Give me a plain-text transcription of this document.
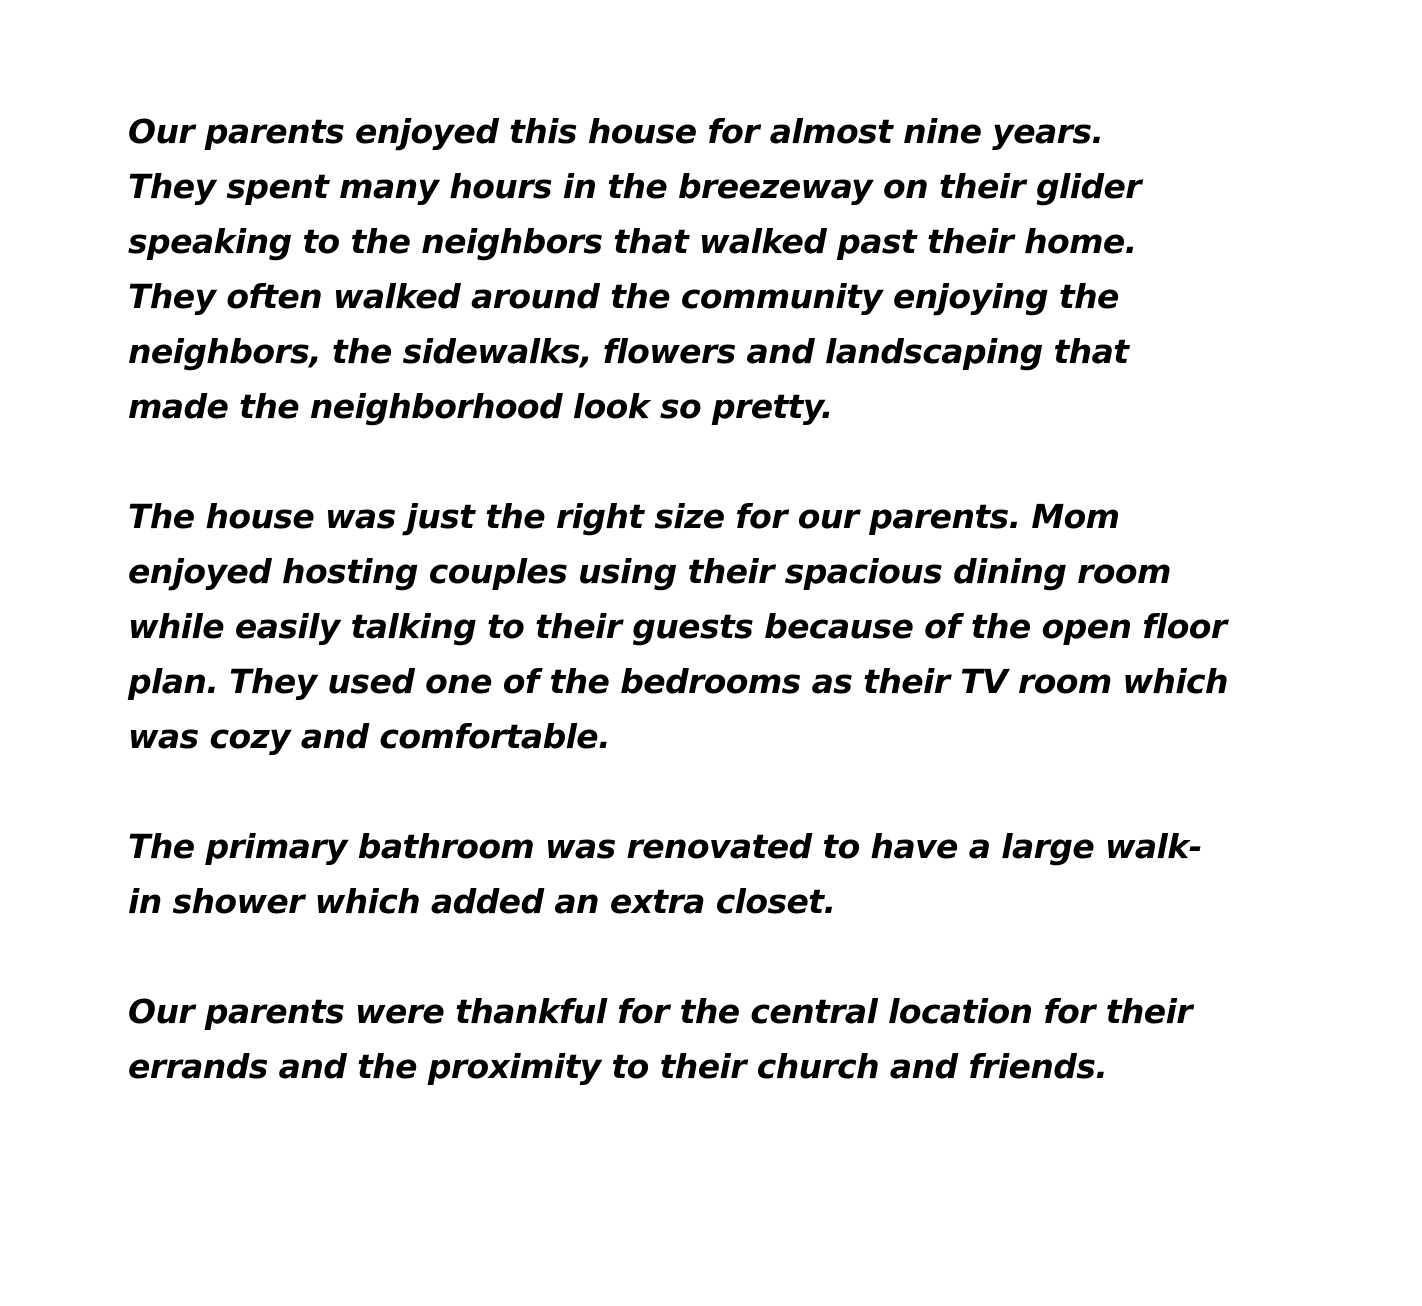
Our parents enjoyed this house for almost nine years.
They spent many hours in the breezeway on their glider
speaking to the neighbors that walked past their home.
They often walked around the community enjoying the
neighbors, the sidewalks, flowers and landscaping that
made the neighborhood look so pretty.
The house was just the right size for our parents. Mom
enjoyed hosting couples using their spacious dining room
while easily talking to their guests because of the open floor
plan. They used one of the bedrooms as their TV room which
was cozy and comfortable.
The primary bathroom was renovated to have a large walk-
in shower which added an extra closet.
Our parents were thankful for the central location for their
errands and the proximity to their church and friends.
